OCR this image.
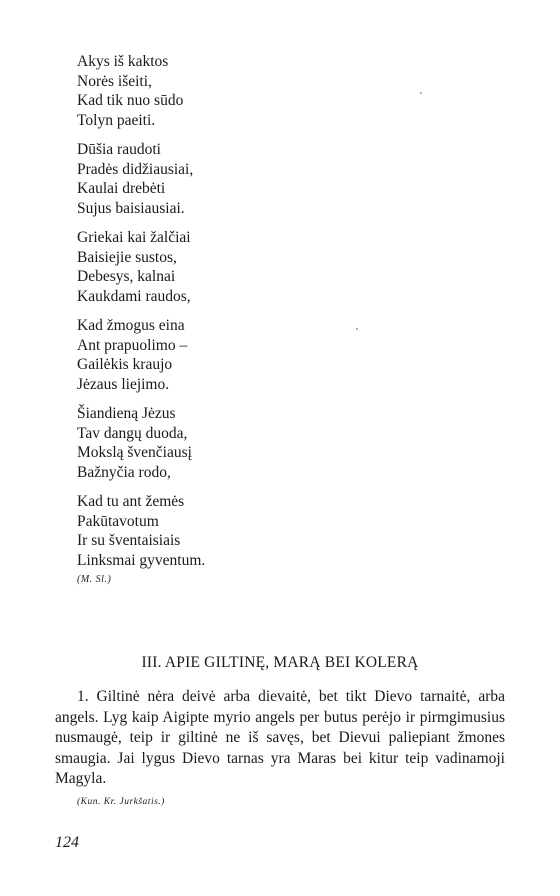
Akys iš kaktos
Norės išeiti,
Kad tik nuo sūdo
Tolyn paeiti.
Dūšia raudoti
Pradės didžiausiai,
Kaulai drebėti
Sujus baisiausiai.
Griekai kai žalčiai
Baisiejie sustos,
Debesys, kalnai
Kaukdami raudos,
Kad žmogus eina
Ant prapuolimo –
Gailėkis kraujo
Jėzaus liejimo.
Šiandieną Jėzus
Tav dangų duoda,
Mokslą švenčiausį
Bažnyčia rodo,
Kad tu ant žemės
Pakūtavotum
Ir su šventaisiais
Linksmai gyventum.
(M. Sl.)
III. APIE GILTINĘ, MARĄ BEI KOLERĄ
1. Giltinė nėra deivė arba dievaitė, bet tikt Dievo tarnaitė, arba angels. Lyg kaip Aigipte myrio angels per butus perėjo ir pirmgimusius nusmaugė, teip ir giltinė ne iš savęs, bet Dievui paliepiant žmones smaugia. Jai lygus Dievo tarnas yra Maras bei kitur teip vadinamoji Magyla.
(Kun. Kr. Jurkšatis.)
124
